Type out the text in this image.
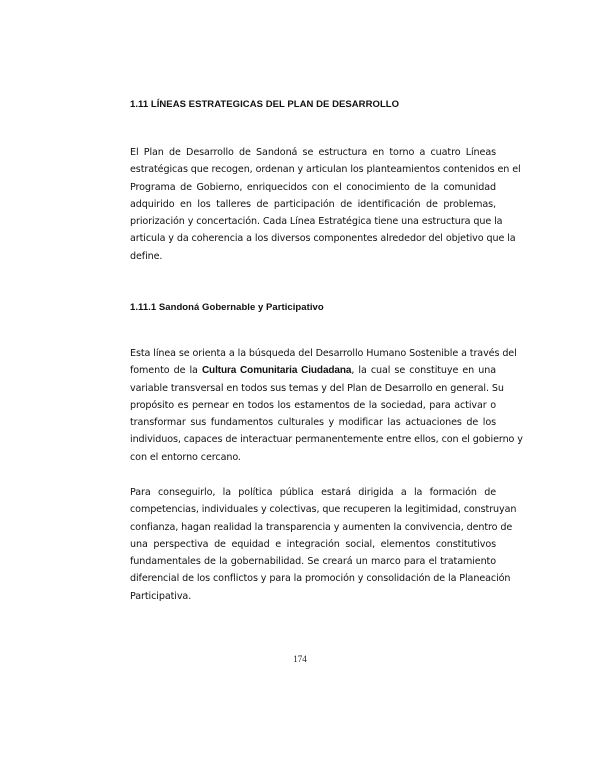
1.11 LÍNEAS ESTRATEGICAS DEL PLAN DE DESARROLLO
El Plan de Desarrollo de Sandoná se estructura en torno a cuatro Líneas
estratégicas que recogen, ordenan y articulan los planteamientos contenidos en el
Programa de Gobierno, enriquecidos con el conocimiento de la comunidad
adquirido en los talleres de participación de identificación de problemas,
priorización y concertación. Cada Línea Estratégica tiene una estructura que la
articula y da coherencia a los diversos componentes alrededor del objetivo que la
define.
1.11.1 Sandoná Gobernable y Participativo
Esta línea se orienta a la búsqueda del Desarrollo Humano Sostenible a través del
fomento de la Cultura Comunitaria Ciudadana, la cual se constituye en una
variable transversal en todos sus temas y del Plan de Desarrollo en general. Su
propósito es pernear en todos los estamentos de la sociedad, para activar o
transformar sus fundamentos culturales y modificar las actuaciones de los
individuos, capaces de interactuar permanentemente entre ellos, con el gobierno y
con el entorno cercano.
Para conseguirlo, la política pública estará dirigida a la formación de
competencias, individuales y colectivas, que recuperen la legitimidad, construyan
confianza, hagan realidad la transparencia y aumenten la convivencia, dentro de
una perspectiva de equidad e integración social, elementos constitutivos
fundamentales de la gobernabilidad. Se creará un marco para el tratamiento
diferencial de los conflictos y para la promoción y consolidación de la Planeación
Participativa.
174
